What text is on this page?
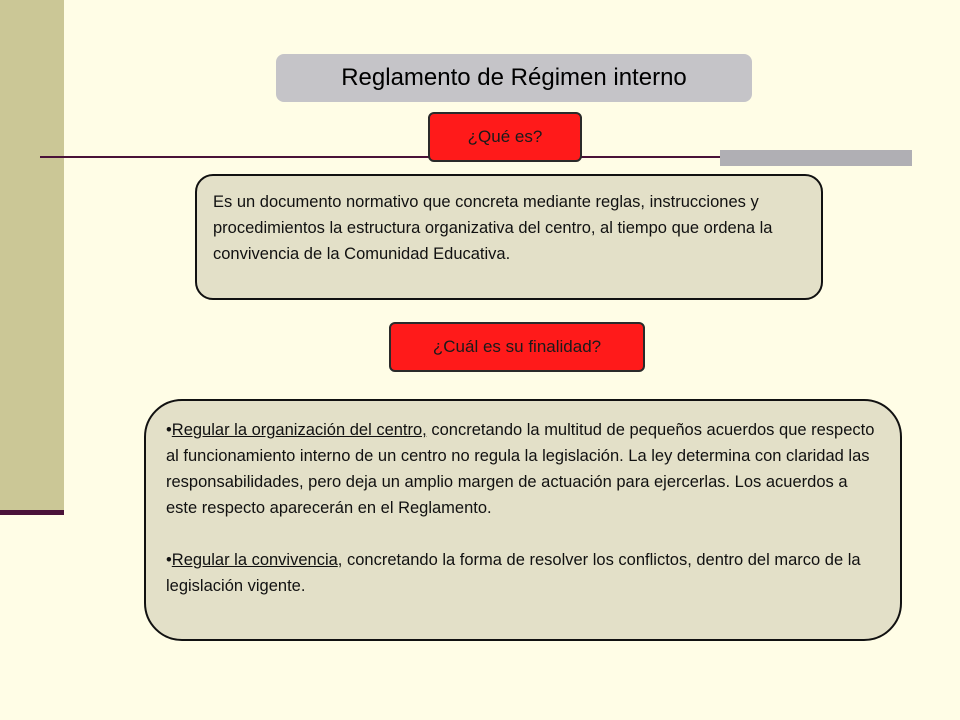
Reglamento de Régimen interno
¿Qué es?
Es un documento normativo que concreta mediante reglas, instrucciones y procedimientos la estructura organizativa del centro, al tiempo que ordena la convivencia de la Comunidad Educativa.
¿Cuál es su finalidad?

•Regular la organización del centro, concretando la multitud de pequeños acuerdos que respecto al funcionamiento interno de un centro no regula la legislación. La ley determina con claridad las responsabilidades, pero deja un amplio margen de actuación para ejercerlas. Los acuerdos a este respecto aparecerán en el Reglamento.

•Regular la convivencia, concretando la forma de resolver los conflictos, dentro del marco de la legislación vigente.
